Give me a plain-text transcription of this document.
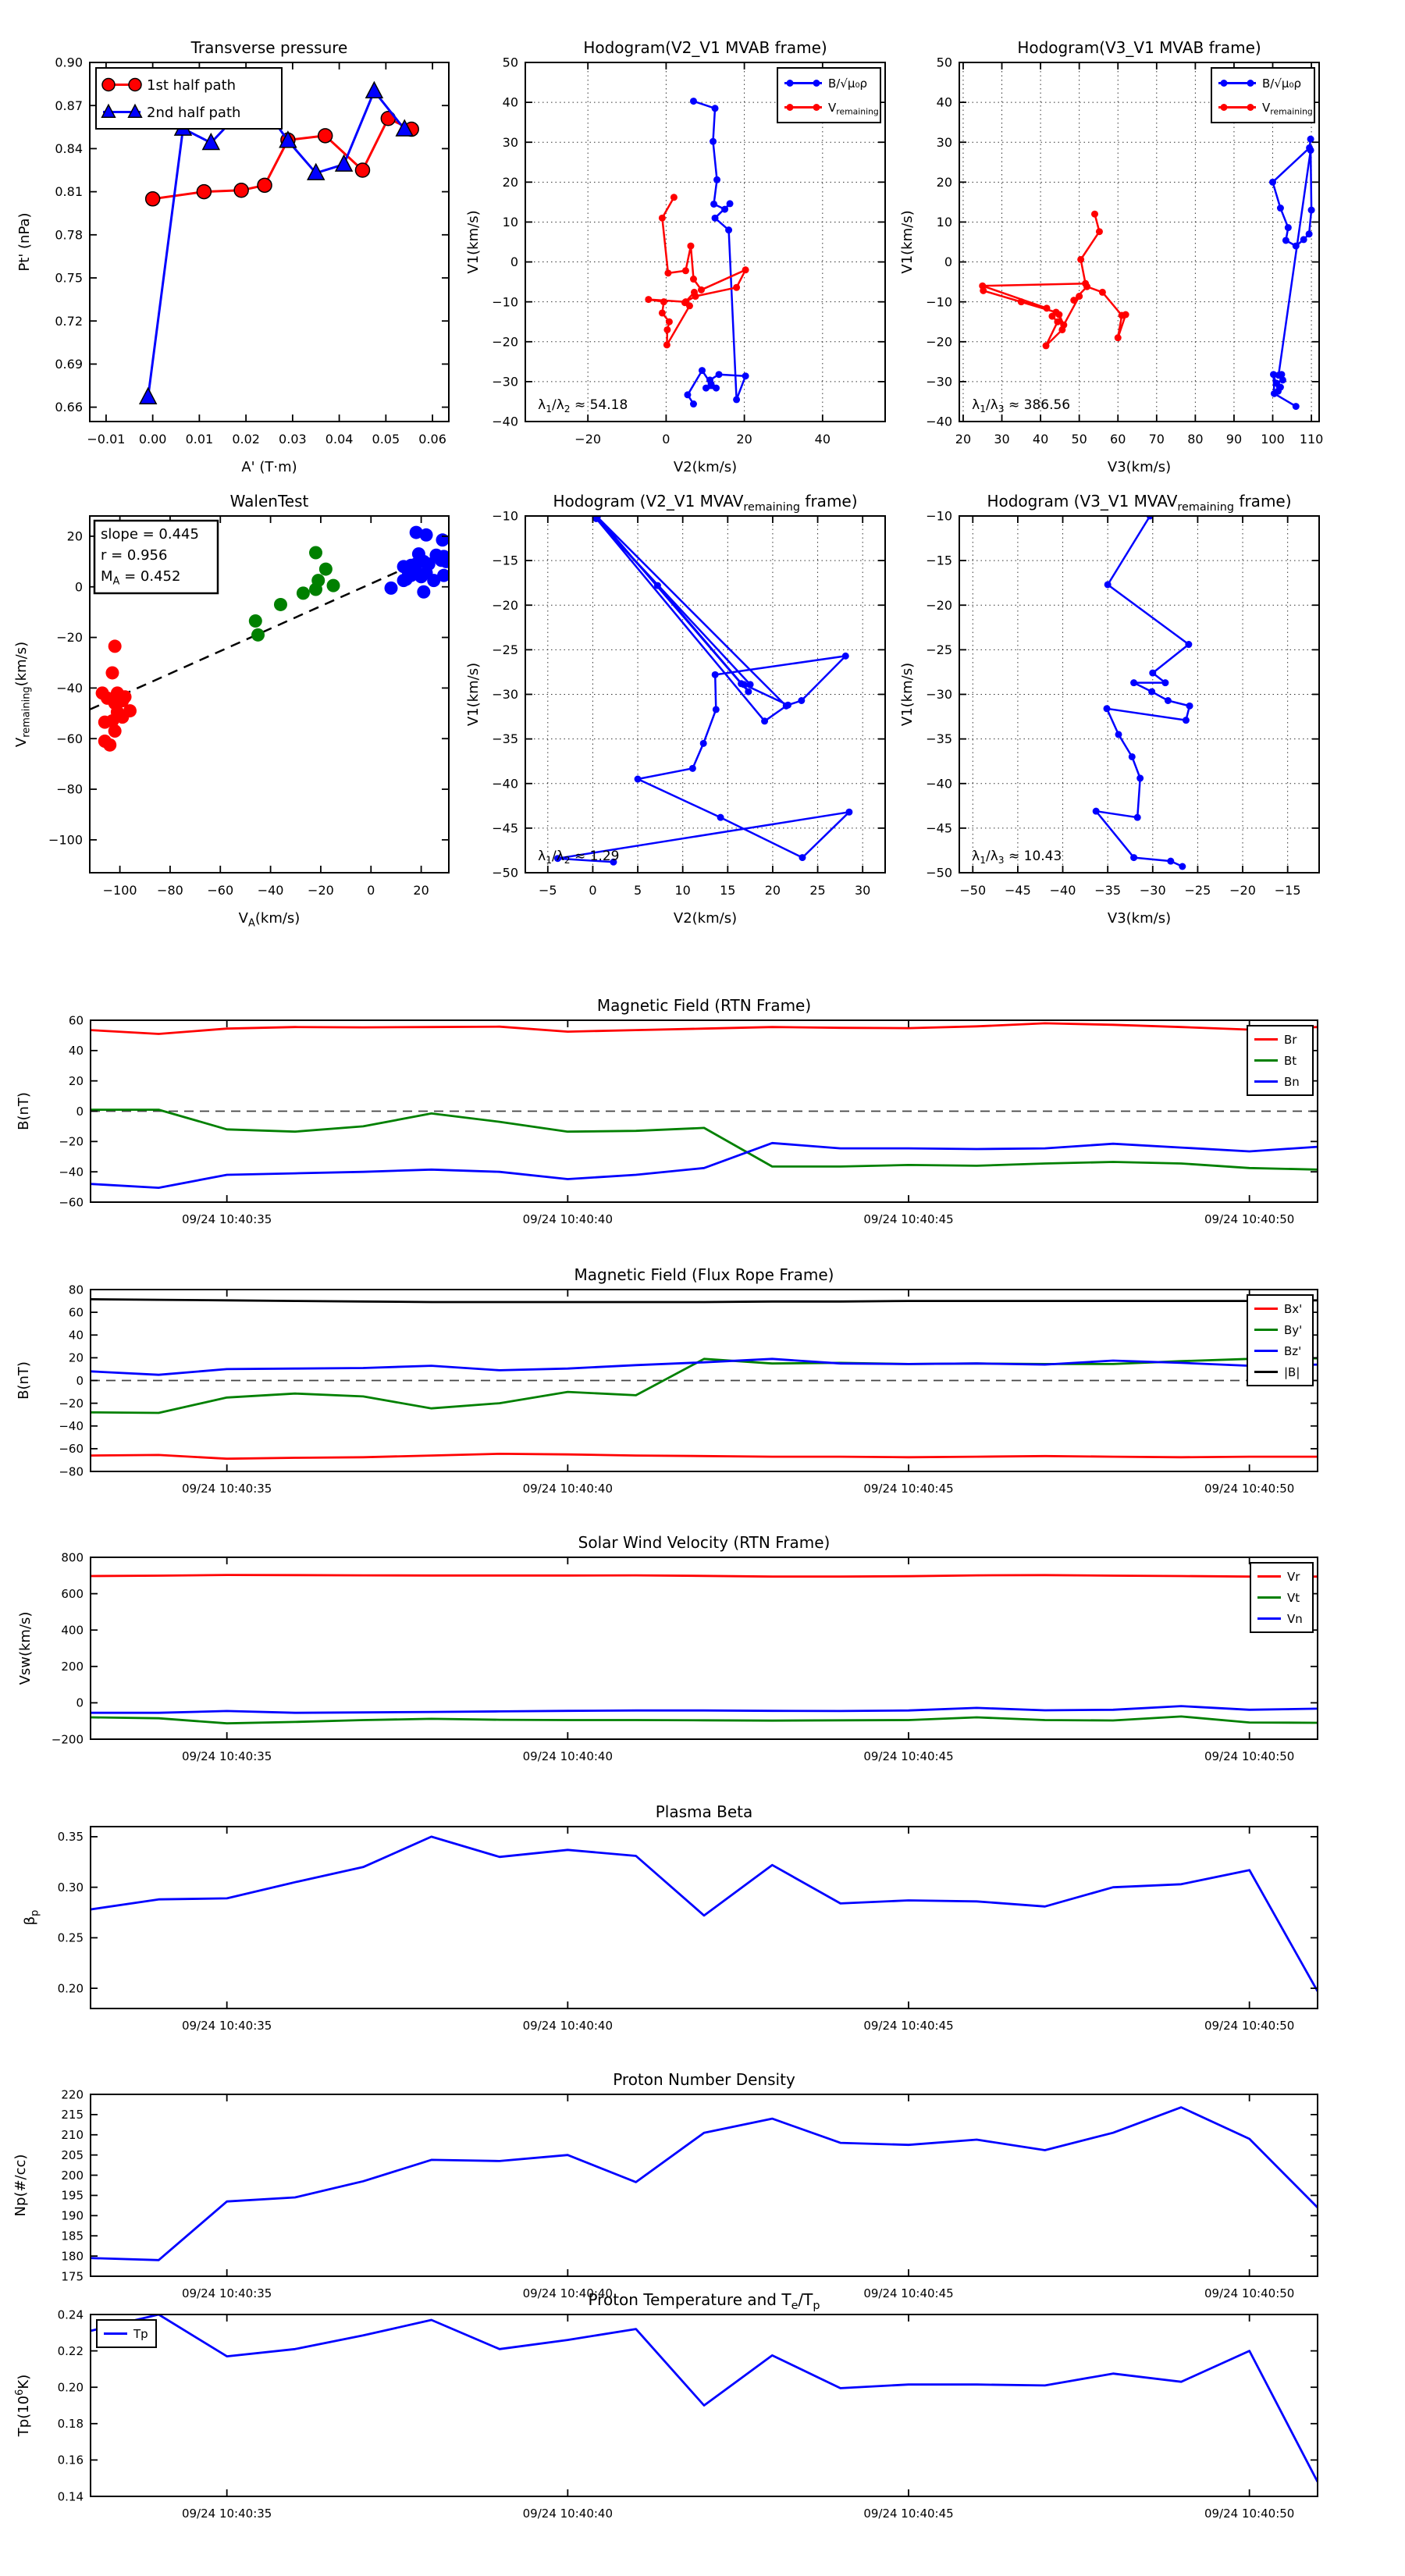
−0.01 0.00 0.01 0.02 0.03 0.04 0.05 0.06
0.66
0.69
0.72
0.75
0.78
0.81
0.84
0.87
0.90
Transverse pressure
A' (T·m)
Pt' (nPa)
1st half path
2nd half path
−20	0	20	40
−40
−30
−20
−10
0
10
20
30
40
50
Hodogram(V2_V1 MVAB frame)
V2(km/s)
V1(km/s)
B/√μ₀ρ
$V_{remaining}$
$\lambda_1/\lambda_2 \approx 54.18$
20 30 40 50 60 70 80 90 100 110
−40
−30
−20
−10
0
10
20
30
40
50
Hodogram(V3_V1 MVAB frame)
V3(km/s)
V1(km/s)
B/√μ₀ρ
$V_{remaining}$
$\lambda_1/\lambda_3 \approx 386.56$
−100 −80 −60 −40 −20	0	20
−100
−80
−60
−40
−20
0
20
WalenTest
$V_A(km/s)$
$V_{remaining}(km/s)$
slope = 0.445
r = 0.956
$M_A = 0.452$
−5	0	5	10 15 20 25 30
−50
−45
−40
−35
−30
−25
−20
−15
−10
Hodogram (V2_V1 $MVAV_{remaining}$ frame)
V2(km/s)
V1(km/s)
$\lambda_1/\lambda_2 \approx 1.29$
−50 −45 −40 −35 −30 −25 −20 −15
−50
−45
−40
−35
−30
−25
−20
−15
−10
Hodogram (V3_V1 $MVAV_{remaining}$ frame)
V3(km/s)
V1(km/s)
$\lambda_1/\lambda_3 \approx 10.43$
09/24 10:40:35	09/24 10:40:40	09/24 10:40:45	09/24 10:40:50
−60
−40
−20
0
20
40
60
Magnetic Field (RTN Frame)
B(nT)
Br
Bt
Bn
09/24 10:40:35	09/24 10:40:40	09/24 10:40:45	09/24 10:40:50
−80
−60
−40
−20
0
20
40
60
80
Magnetic Field (Flux Rope Frame)
B(nT)
Bx'
By'
Bz'
|B|
09/24 10:40:35	09/24 10:40:40	09/24 10:40:45	09/24 10:40:50
−200
0
200
400
600
800
Solar Wind Velocity (RTN Frame)
Vsw(km/s)
Vr
Vt
Vn
09/24 10:40:35	09/24 10:40:40	09/24 10:40:45	09/24 10:40:50
0.20
0.25
0.30
0.35
Plasma Beta
$\beta_p$
09/24 10:40:35	09/24 10:40:40	09/24 10:40:45	09/24 10:40:50
175
180
185
190
195
200
205
210
215
220
Proton Number Density
Np(#/cc)
09/24 10:40:35	09/24 10:40:40	09/24 10:40:45	09/24 10:40:50
0.14
0.16
0.18
0.20
0.22
0.24
Proton Temperature and $T_e/T_p$
$Tp(10^6K)$
Tp
